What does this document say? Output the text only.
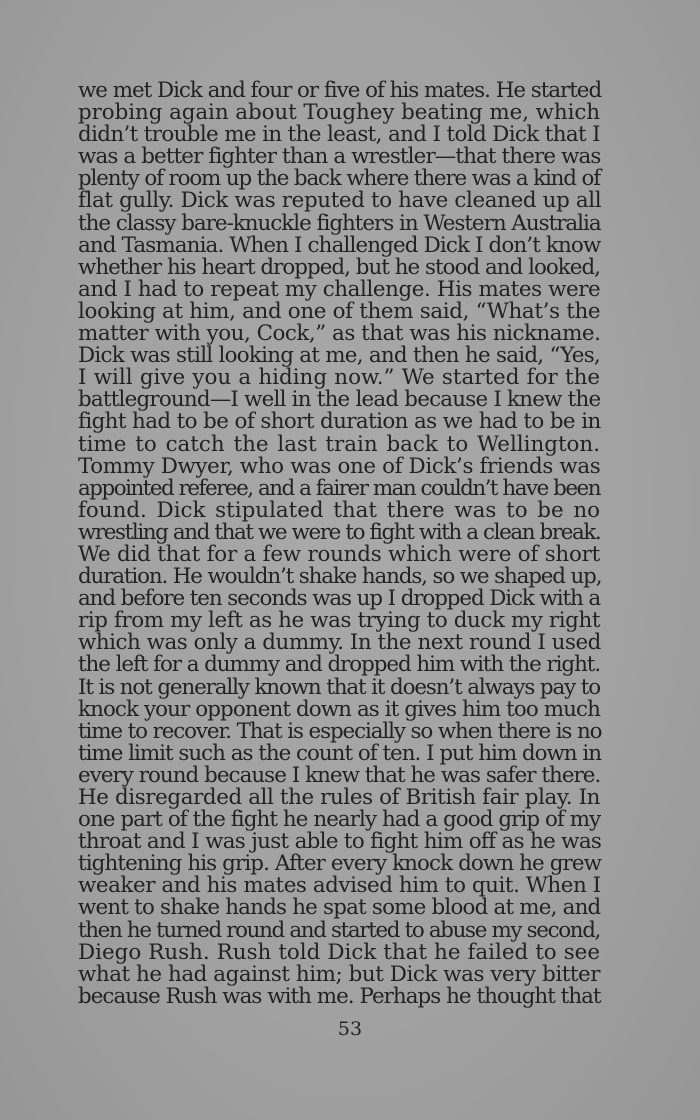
we met Dick and four or five of his mates. He started
probing again about Toughey beating me, which
didn’t trouble me in the least, and I told Dick that I
was a better fighter than a wrestler—that there was
plenty of room up the back where there was a kind of
flat gully. Dick was reputed to have cleaned up all
the classy bare-knuckle fighters in Western Australia
and Tasmania. When I challenged Dick I don’t know
whether his heart dropped, but he stood and looked,
and I had to repeat my challenge. His mates were
looking at him, and one of them said, “What’s the
matter with you, Cock,” as that was his nickname.
Dick was still looking at me, and then he said, “Yes,
I will give you a hiding now.” We started for the
battleground—I well in the lead because I knew the
fight had to be of short duration as we had to be in
time to catch the last train back to Wellington.
Tommy Dwyer, who was one of Dick’s friends was
appointed referee, and a fairer man couldn’t have been
found. Dick stipulated that there was to be no
wrestling and that we were to fight with a clean break.
We did that for a few rounds which were of short
duration. He wouldn’t shake hands, so we shaped up,
and before ten seconds was up I dropped Dick with a
rip from my left as he was trying to duck my right
which was only a dummy. In the next round I used
the left for a dummy and dropped him with the right.
It is not generally known that it doesn’t always pay to
knock your opponent down as it gives him too much
time to recover. That is especially so when there is no
time limit such as the count of ten. I put him down in
every round because I knew that he was safer there.
He disregarded all the rules of British fair play. In
one part of the fight he nearly had a good grip of my
throat and I was just able to fight him off as he was
tightening his grip. After every knock down he grew
weaker and his mates advised him to quit. When I
went to shake hands he spat some blood at me, and
then he turned round and started to abuse my second,
Diego Rush. Rush told Dick that he failed to see
what he had against him; but Dick was very bitter
because Rush was with me. Perhaps he thought that
53
